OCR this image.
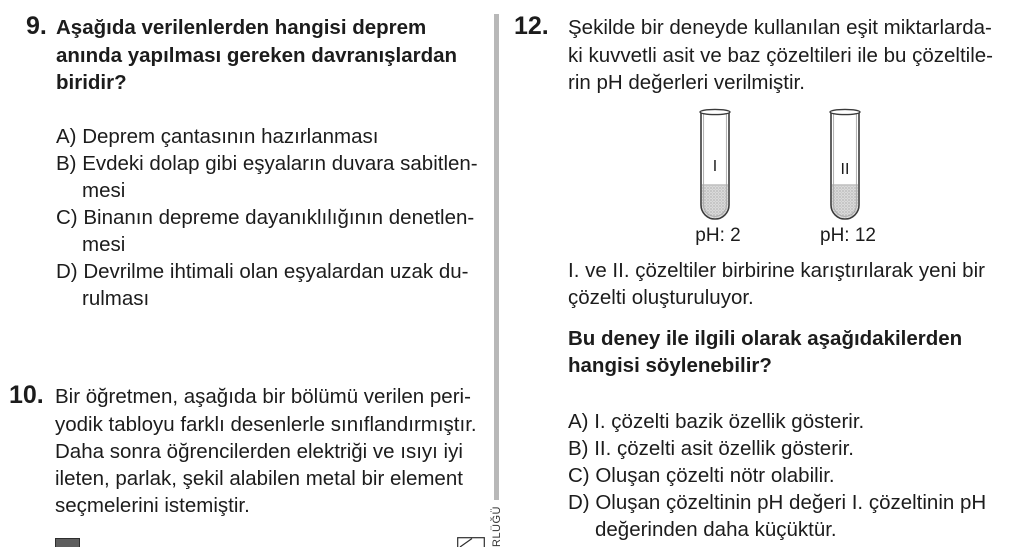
9. Aşağıda verilenlerden hangisi deprem
anında yapılması gereken davranışlardan
biridir?
A) Deprem çantasının hazırlanması
B) Evdeki dolap gibi eşyaların duvara sabitlen-
mesi
C) Binanın depreme dayanıklılığının denetlen-
mesi
D) Devrilme ihtimali olan eşyalardan uzak du-
rulması
10. Bir öğretmen, aşağıda bir bölümü verilen peri-
yodik tabloyu farklı desenlerle sınıflandırmıştır.
Daha sonra öğrencilerden elektriği ve ısıyı iyi
ileten, parlak, şekil alabilen metal bir element
seçmelerini istemiştir.
RLÜĞÜ
12. Şekilde bir deneyde kullanılan eşit miktarlarda-
ki kuvvetli asit ve baz çözeltileri ile bu çözeltile-
rin pH değerleri verilmiştir.
I	II
pH: 2	pH: 12
I. ve II. çözeltiler birbirine karıştırılarak yeni bir
çözelti oluşturuluyor.
Bu deney ile ilgili olarak aşağıdakilerden
hangisi söylenebilir?
A) I. çözelti bazik özellik gösterir.
B) II. çözelti asit özellik gösterir.
C) Oluşan çözelti nötr olabilir.
D) Oluşan çözeltinin pH değeri I. çözeltinin pH
değerinden daha küçüktür.
